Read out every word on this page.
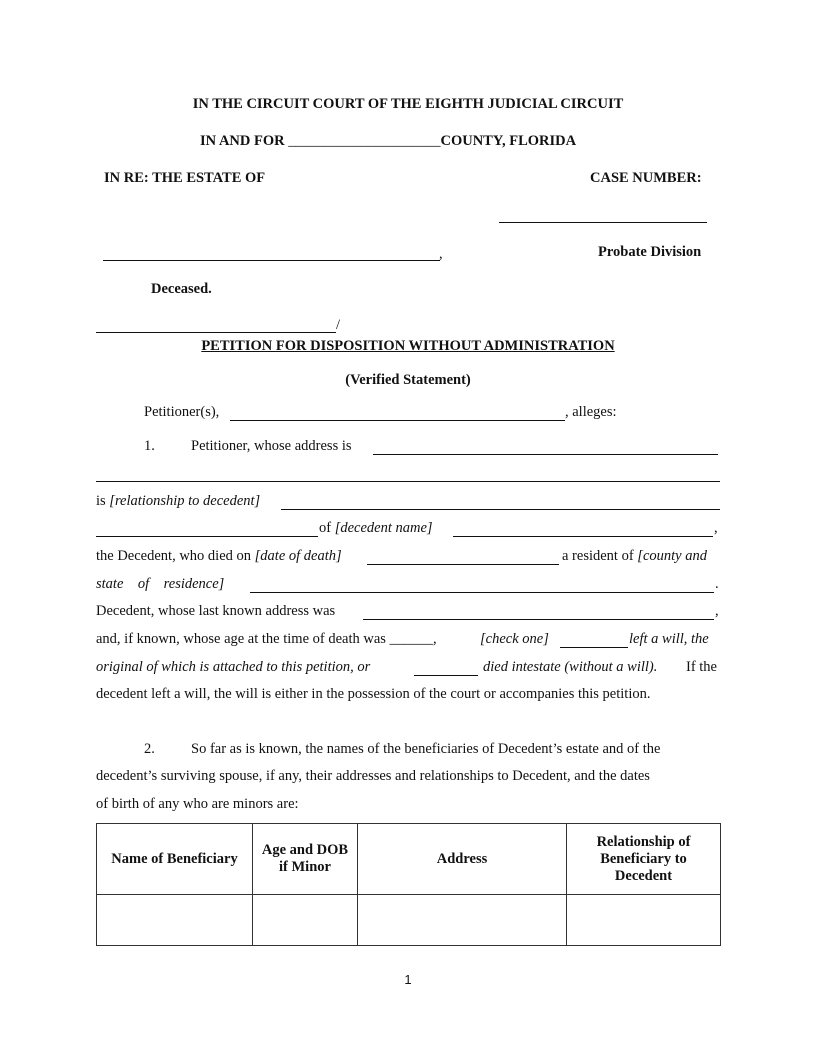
IN THE CIRCUIT COURT OF THE EIGHTH JUDICIAL CIRCUIT
IN AND FOR _____________________COUNTY, FLORIDA
IN RE: THE ESTATE OF	CASE NUMBER:
,	Probate Division
Deceased.
/
PETITION FOR DISPOSITION WITHOUT ADMINISTRATION
(Verified Statement)
Petitioner(s),	, alleges:
1. Petitioner, whose address is
is [relationship to decedent]
of [decedent name]	,
the Decedent, who died on [date of death]	a resident of [county and
state    of    residence]	.
Decedent, whose last known address was	,
and, if known, whose age at the time of death was ______,	[check one]	left a will, the
original of which is attached to this petition, or	died intestate (without a will). If the
decedent left a will, the will is either in the possession of the court or accompanies this petition.
2. So far as is known, the names of the beneficiaries of Decedent’s estate and of the
decedent’s surviving spouse, if any, their addresses and relationships to Decedent, and the dates
of birth of any who are minors are:
Name of Beneficiary	Age and DOB if Minor	Address	Relationship of Beneficiary to Decedent

1
